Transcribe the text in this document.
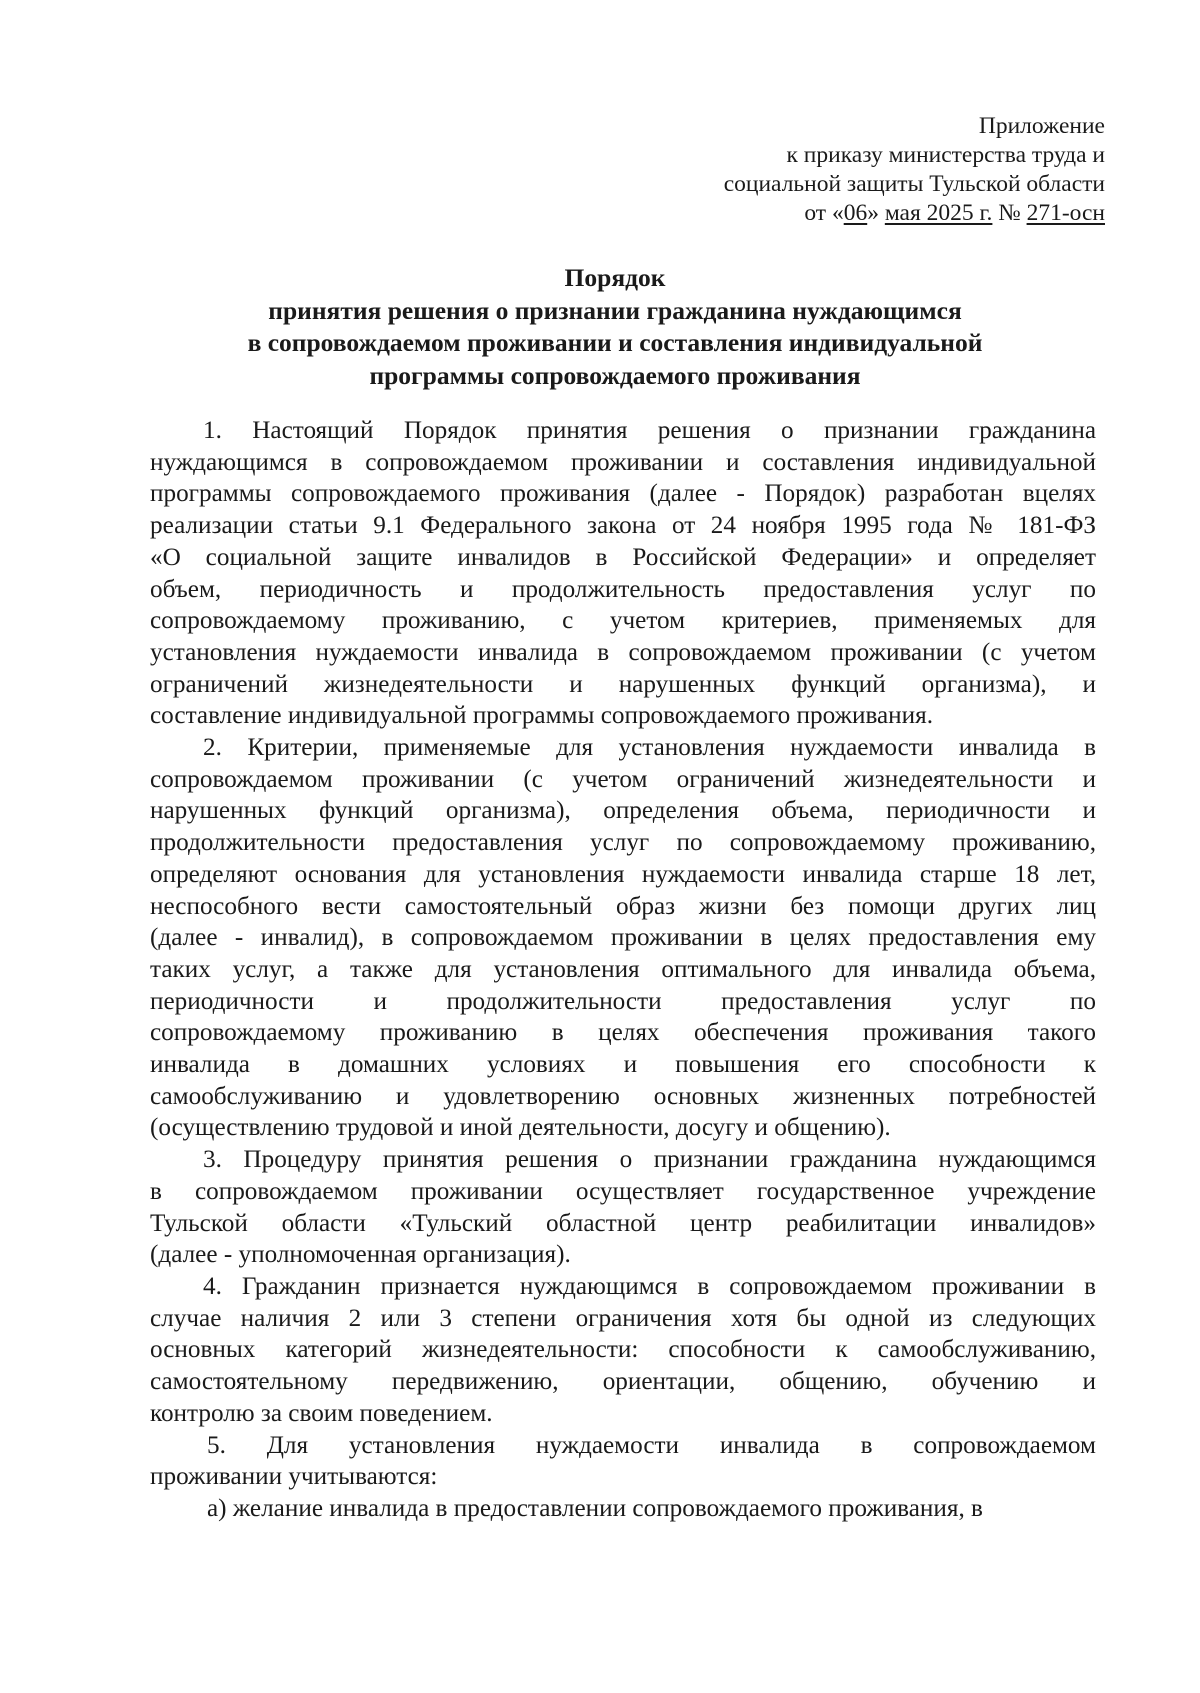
Приложение
к приказу министерства труда и
социальной защиты Тульской области
от «06» мая 2025 г. № 271-осн
Порядок
принятия решения о признании гражданина нуждающимся
в сопровождаемом проживании и составления индивидуальной
программы сопровождаемого проживания

1. Настоящий Порядок принятия решения о признании гражданина

нуждающимся в сопровождаемом проживании и составления индивидуальной

программы сопровождаемого проживания (далее - Порядок) разработан вцелях

реализации статьи 9.1 Федерального закона от 24 ноября 1995 года № 181-ФЗ

«О социальной защите инвалидов в Российской Федерации» и определяет

объем, периодичность и продолжительность предоставления услуг по

сопровождаемому проживанию, с учетом критериев, применяемых для

установления нуждаемости инвалида в сопровождаемом проживании (с учетом

ограничений жизнедеятельности и нарушенных функций организма), и

составление индивидуальной программы сопровождаемого проживания.

2. Критерии, применяемые для установления нуждаемости инвалида в

сопровождаемом проживании (с учетом ограничений жизнедеятельности и

нарушенных функций организма), определения объема, периодичности и

продолжительности предоставления услуг по сопровождаемому проживанию,

определяют основания для установления нуждаемости инвалида старше 18 лет,

неспособного вести самостоятельный образ жизни без помощи других лиц

(далее - инвалид), в сопровождаемом проживании в целях предоставления ему

таких услуг, а также для установления оптимального для инвалида объема,

периодичности и продолжительности предоставления услуг по

сопровождаемому проживанию в целях обеспечения проживания такого

инвалида в домашних условиях и повышения его способности к

самообслуживанию и удовлетворению основных жизненных потребностей

(осуществлению трудовой и иной деятельности, досугу и общению).

3. Процедуру принятия решения о признании гражданина нуждающимся

в сопровождаемом проживании осуществляет государственное учреждение

Тульской области «Тульский областной центр реабилитации инвалидов»

(далее - уполномоченная организация).

4. Гражданин признается нуждающимся в сопровождаемом проживании в

случае наличия 2 или 3 степени ограничения хотя бы одной из следующих

основных категорий жизнедеятельности: способности к самообслуживанию,

самостоятельному передвижению, ориентации, общению, обучению и

контролю за своим поведением.

5. Для установления нуждаемости инвалида в сопровождаемом

проживании учитываются:

а) желание инвалида в предоставлении сопровождаемого проживания, в
